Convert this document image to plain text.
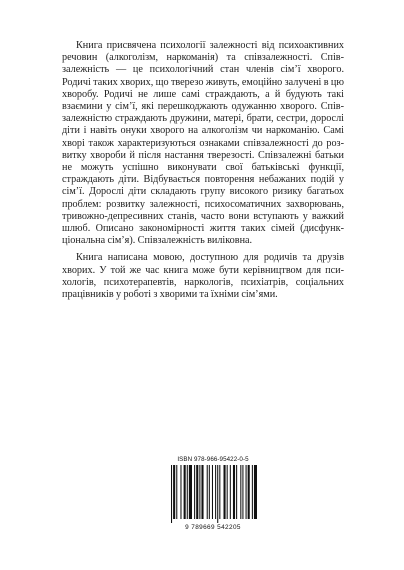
Книга присвячена психології залежності від психоактивних речовин (алкоголізм, наркоманія) та співзалежності. Співзалежність — це психологічний стан членів сім’ї хворого. Родичі таких хворих, що тверезо живуть, емоційно залучені в цю хворобу. Родичі не лише самі страждають, а й будують такі взаємини у сім’ї, які перешкоджають одужанню хворого. Співзалежністю страждають дружини, матері, брати, сестри, дорослі діти і навіть онуки хворого на алкоголізм чи наркоманію. Самі хворі також характеризуються ознаками співзалежності до розвитку хвороби й після настання тверезості. Співзалежні батьки не можуть успішно виконувати свої батьківські функції, страждають діти. Відбувається повторення небажаних подій у сім’ї. Дорослі діти складають групу високого ризику багатьох проблем: розвитку залежності, психосоматичних захворювань, тривожно-депресивних станів, часто вони вступають у важкий шлюб. Описано закономірності життя таких сімей (дисфункціональна сім’я). Співзалежність виліковна.

Книга написана мовою, доступною для родичів та друзів хворих. У той же час книга може бути керівництвом для психологів, психотерапевтів, наркологів, психіатрів, соціальних працівників у роботі з хворими та їхніми сім’ями.

ISBN 978-966-95422-0-5
9 789669 542205
